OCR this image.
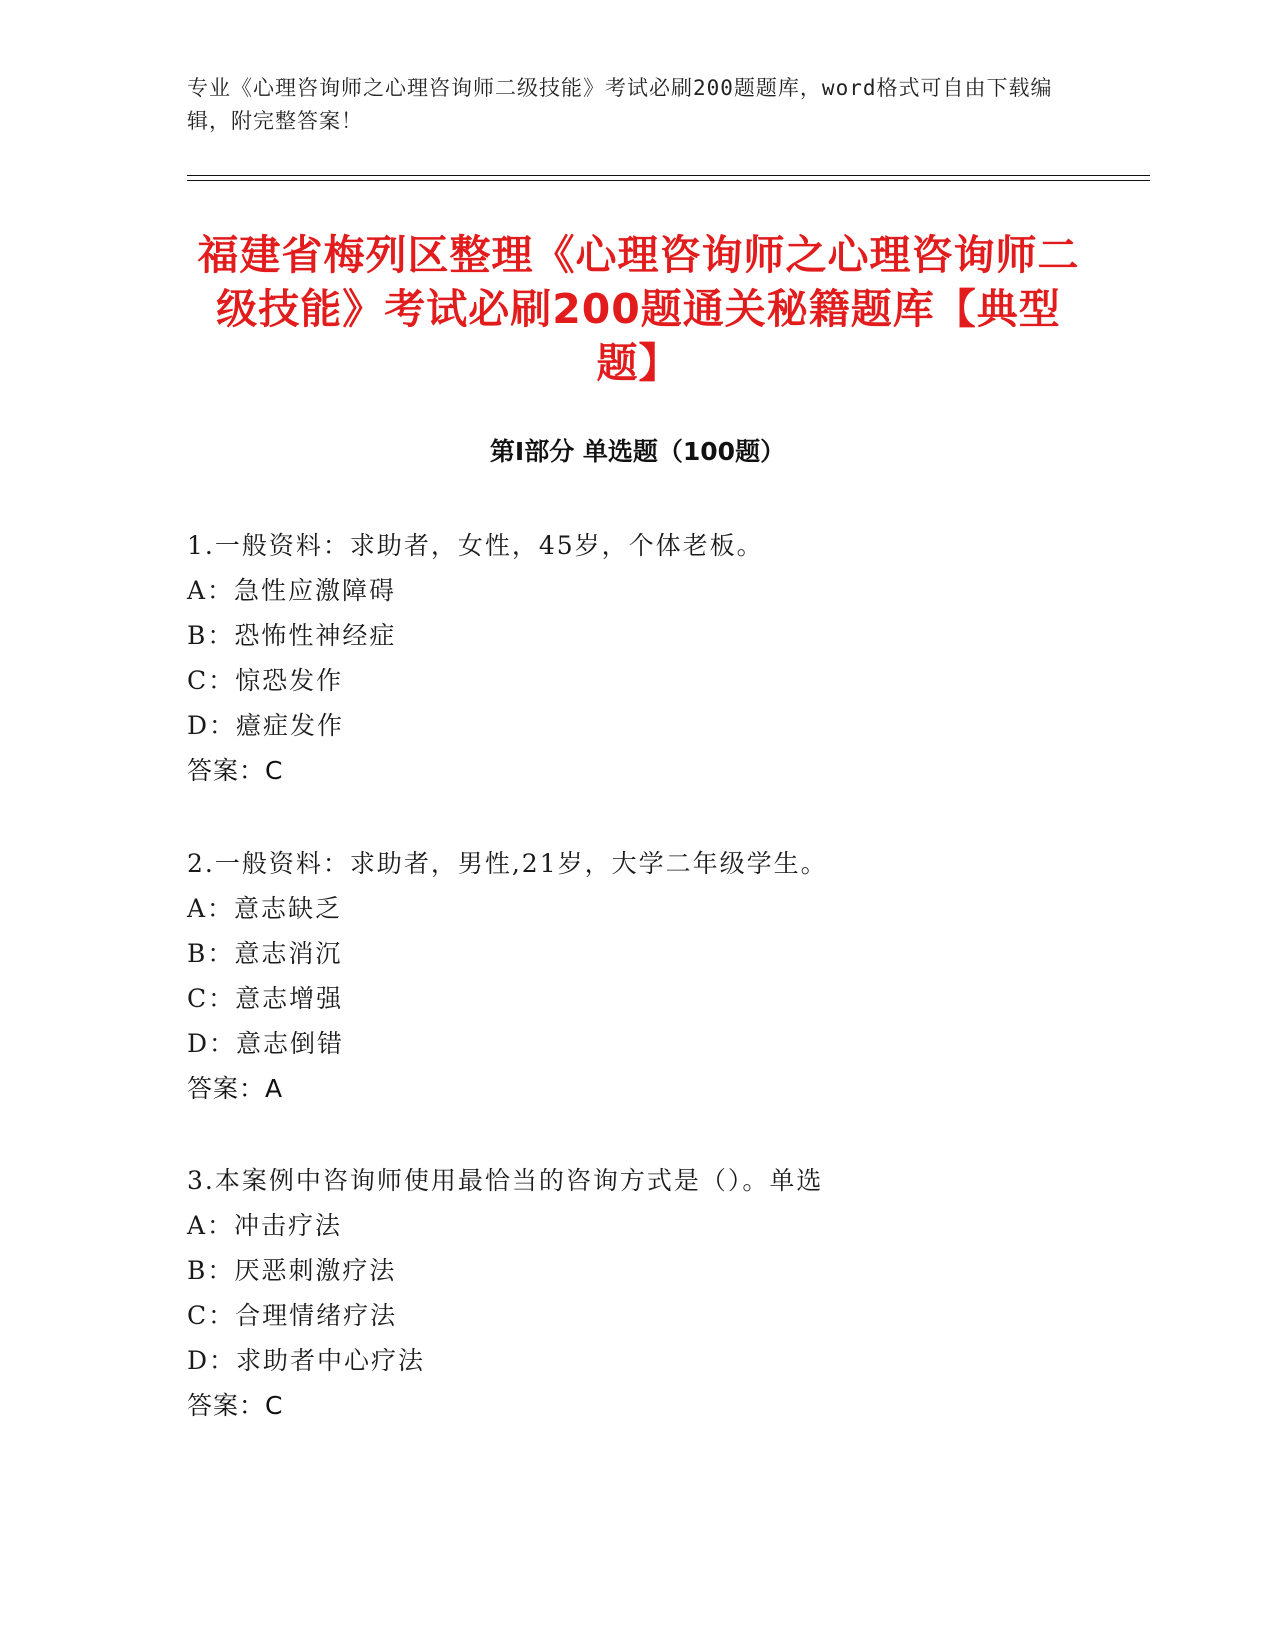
专业《心理咨询师之心理咨询师二级技能》考试必刷200题题库，word格式可自由下载编辑，附完整答案！
福建省梅列区整理《心理咨询师之心理咨询师二级技能》考试必刷200题通关秘籍题库【典型题】
第I部分 单选题（100题）
1.一般资料：求助者，女性，45岁，个体老板。
A：急性应激障碍
B：恐怖性神经症
C：惊恐发作
D：癔症发作
答案：C
2.一般资料：求助者，男性,21岁，大学二年级学生。
A：意志缺乏
B：意志消沉
C：意志增强
D：意志倒错
答案：A
3.本案例中咨询师使用最恰当的咨询方式是（）。单选
A：冲击疗法
B：厌恶刺激疗法
C：合理情绪疗法
D：求助者中心疗法
答案：C
